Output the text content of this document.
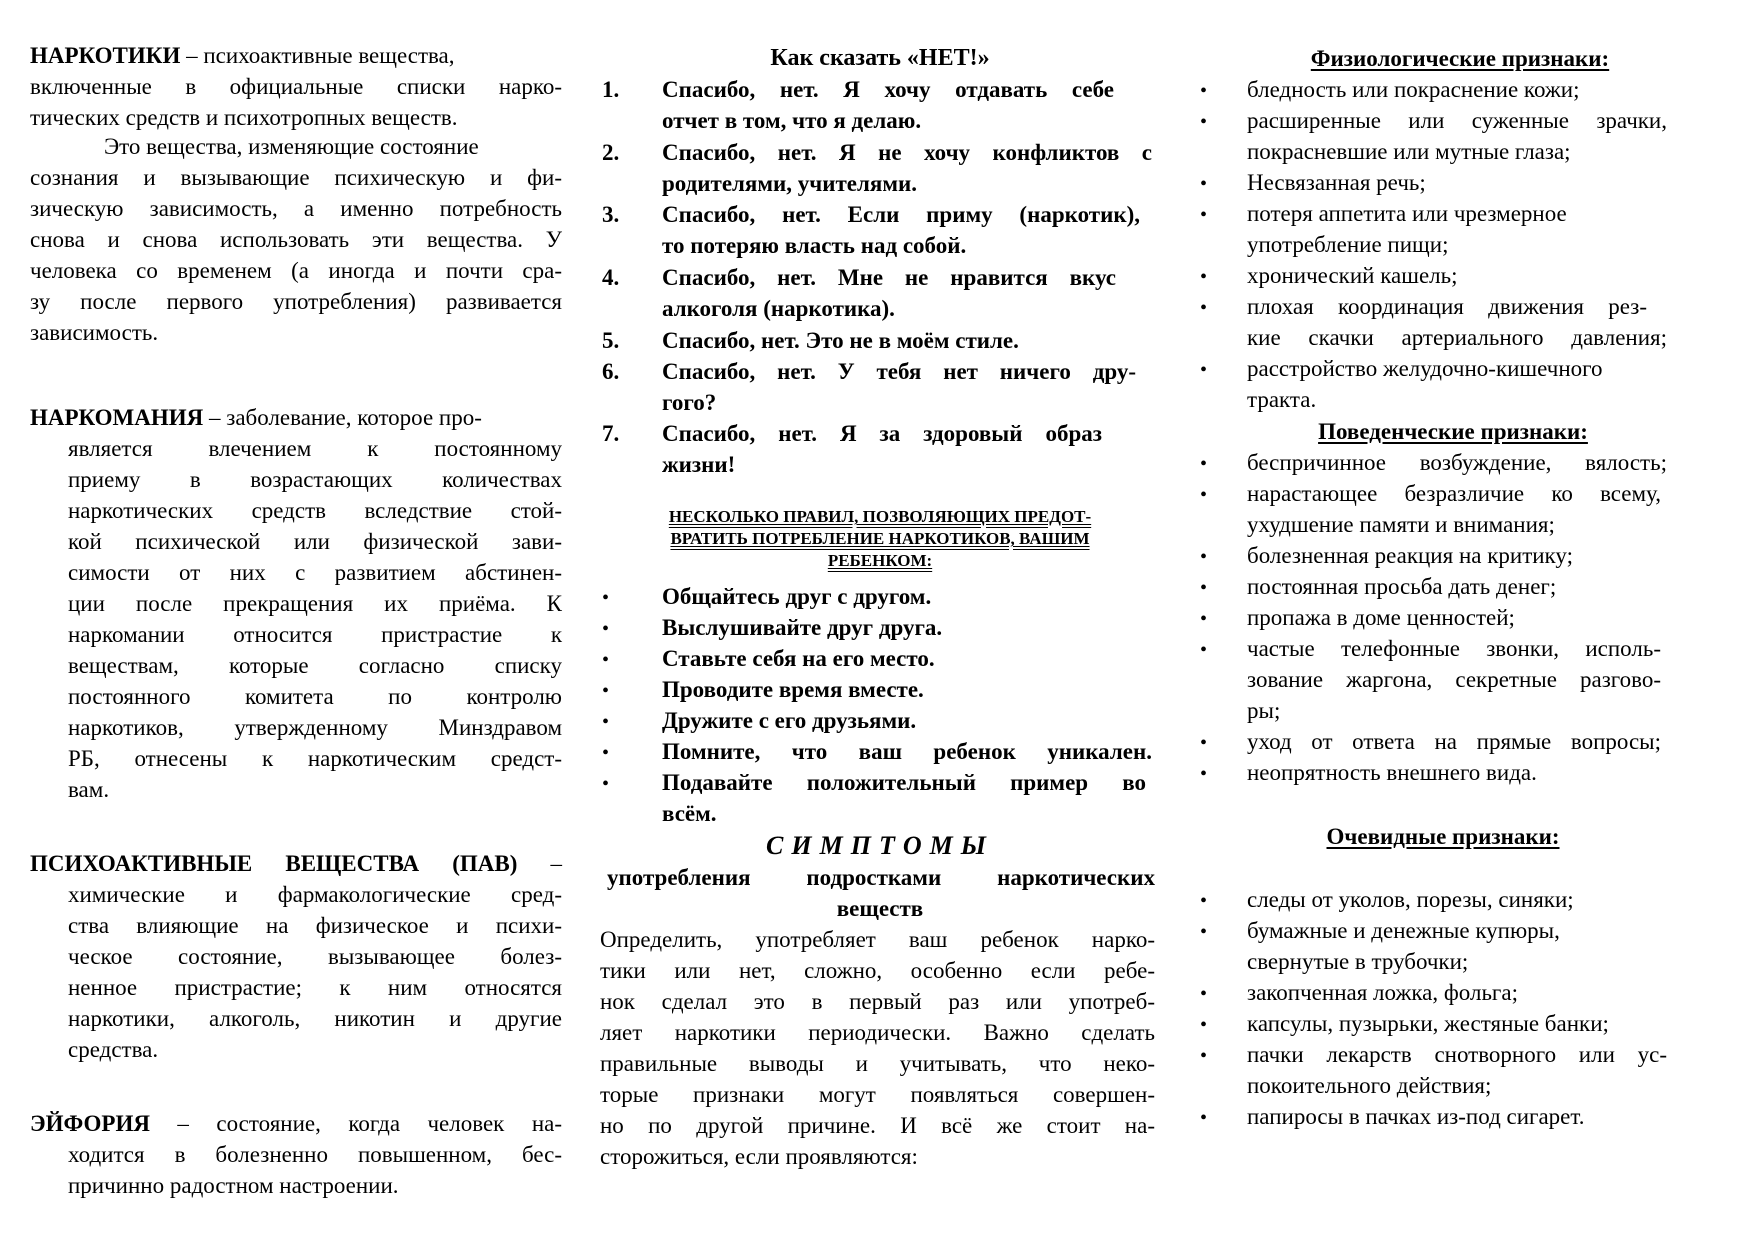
НАРКОТИКИ – психоактивные вещества,
включенные в официальные списки нарко-
тических средств и психотропных веществ.
Это вещества, изменяющие состояние
сознания и вызывающие психическую и фи-
зическую зависимость, а именно потребность
снова и снова использовать эти вещества. У
человека со временем (а иногда и почти сра-
зу после первого употребления) развивается
зависимость.
НАРКОМАНИЯ – заболевание, которое про-
является влечением к постоянному
приему в возрастающих количествах
наркотических средств вследствие стой-
кой психической или физической зави-
симости от них с развитием абстинен-
ции после прекращения их приёма. К
наркомании относится пристрастие к
веществам, которые согласно списку
постоянного комитета по контролю
наркотиков, утвержденному Минздравом
РБ, отнесены к наркотическим средст-
вам.
ПСИХОАКТИВНЫЕ ВЕЩЕСТВА (ПАВ) –
химические и фармакологические сред-
ства влияющие на физическое и психи-
ческое состояние, вызывающее болез-
ненное пристрастие; к ним относятся
наркотики, алкоголь, никотин и другие
средства.
ЭЙФОРИЯ – состояние, когда человек на-
ходится в болезненно повышенном, бес-
причинно радостном настроении.
Как сказать «НЕТ!»
1. Спасибо, нет. Я хочу отдавать себе
отчет в том, что я делаю.
2. Спасибо, нет. Я не хочу конфликтов с
родителями, учителями.
3. Спасибо, нет. Если приму (наркотик),
то потеряю власть над собой.
4. Спасибо, нет. Мне не нравится вкус
алкоголя (наркотика).
5. Спасибо, нет. Это не в моём стиле.
6. Спасибо, нет. У тебя нет ничего дру-
гого?
7. Спасибо, нет. Я за здоровый образ
жизни!
НЕСКОЛЬКО ПРАВИЛ, ПОЗВОЛЯЮЩИХ ПРЕДОТ-
ВРАТИТЬ ПОТРЕБЛЕНИЕ НАРКОТИКОВ, ВАШИМ
РЕБЕНКОМ:
• Общайтесь друг с другом.
• Выслушивайте друг друга.
• Ставьте себя на его место.
• Проводите время вместе.
• Дружите с его друзьями.
• Помните, что ваш ребенок уникален.
• Подавайте положительный пример во
всём.
СИМПТОМЫ
употребления подростками наркотических
веществ
Определить, употребляет ваш ребенок нарко-
тики или нет, сложно, особенно если ребе-
нок сделал это в первый раз или употреб-
ляет наркотики периодически. Важно сделать
правильные выводы и учитывать, что неко-
торые признаки могут появляться совершен-
но по другой причине. И всё же стоит на-
сторожиться, если проявляются:
Физиологические признаки:
• бледность или покраснение кожи;
• расширенные или суженные зрачки,
покрасневшие или мутные глаза;
• Несвязанная речь;
• потеря аппетита или чрезмерное
употребление пищи;
• хронический кашель;
• плохая координация движения рез-
кие скачки артериального давления;
• расстройство желудочно-кишечного
тракта.
Поведенческие признаки:
• беспричинное возбуждение, вялость;
• нарастающее безразличие ко всему,
ухудшение памяти и внимания;
• болезненная реакция на критику;
• постоянная просьба дать денег;
• пропажа в доме ценностей;
• частые телефонные звонки, исполь-
зование жаргона, секретные разгово-
ры;
• уход от ответа на прямые вопросы;
• неопрятность внешнего вида.
Очевидные признаки:
• следы от уколов, порезы, синяки;
• бумажные и денежные купюры,
свернутые в трубочки;
• закопченная ложка, фольга;
• капсулы, пузырьки, жестяные банки;
• пачки лекарств снотворного или ус-
покоительного действия;
• папиросы в пачках из-под сигарет.
